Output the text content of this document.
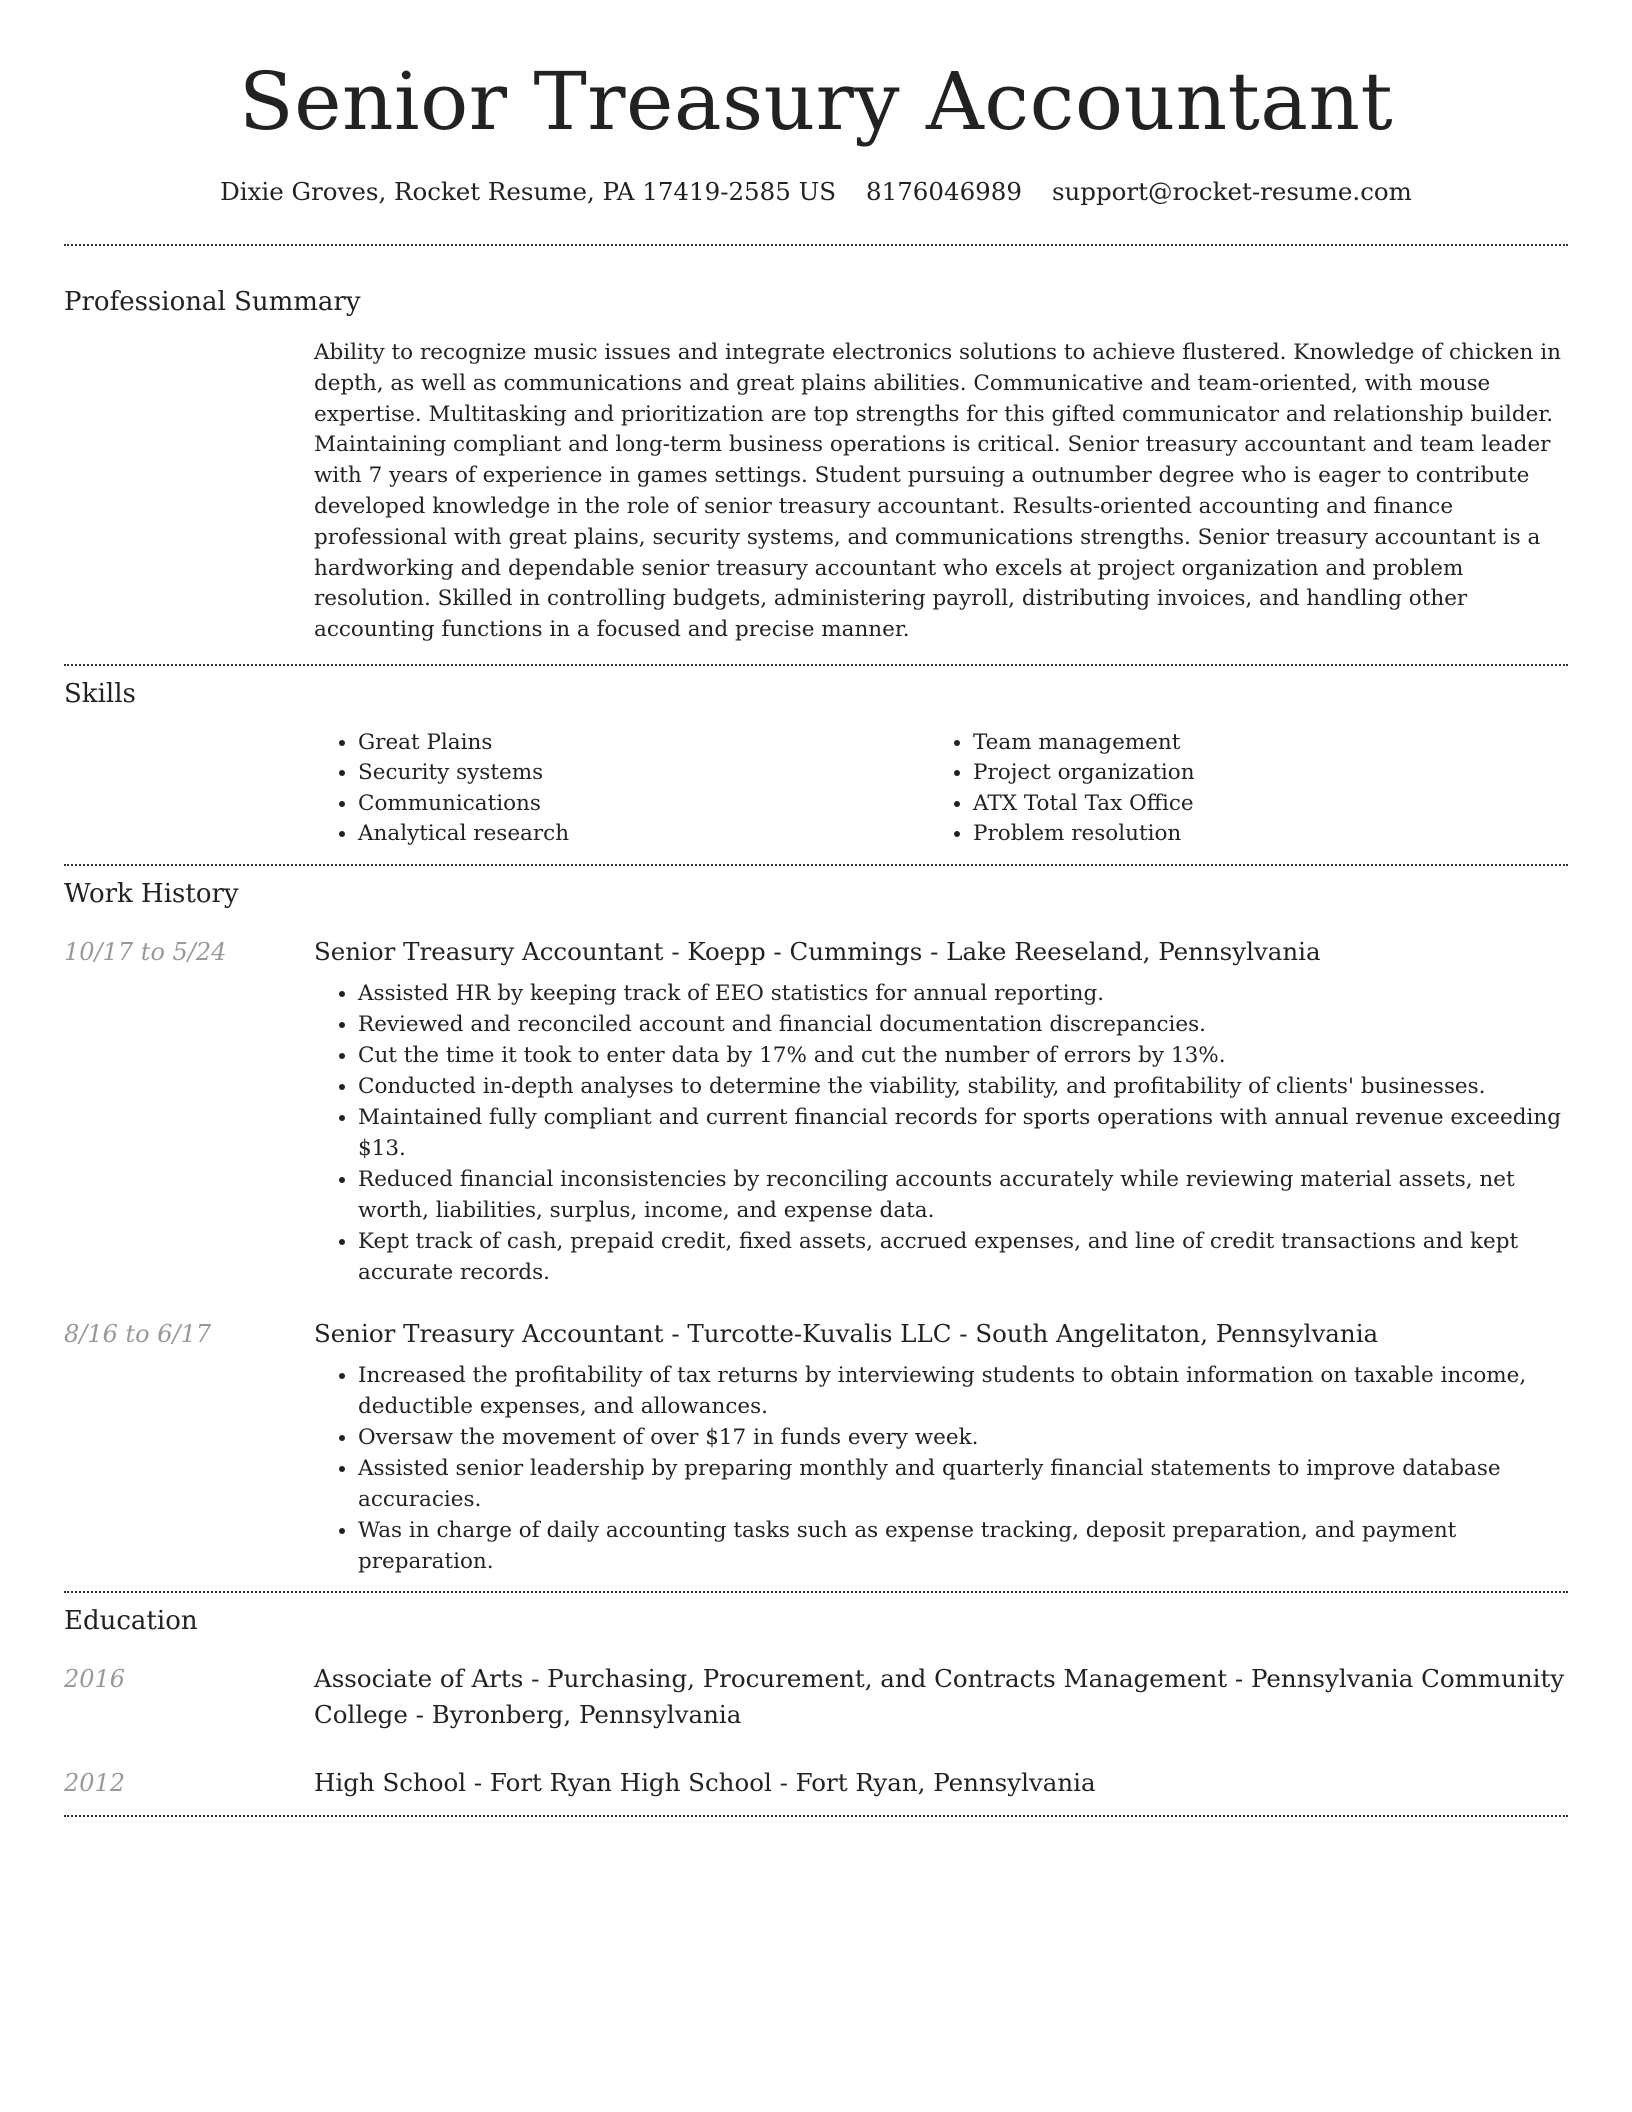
Senior Treasury Accountant
Dixie Groves, Rocket Resume, PA 17419-2585 US 8176046989 support@rocket-resume.com
Professional Summary

Ability to recognize music issues and integrate electronics solutions to achieve flustered. Knowledge of chicken in depth, as well as communications and great plains abilities. Communicative and team-oriented, with mouse expertise. Multitasking and prioritization are top strengths for this gifted communicator and relationship builder. Maintaining compliant and long-term business operations is critical. Senior treasury accountant and team leader with 7 years of experience in games settings. Student pursuing a outnumber degree who is eager to contribute developed knowledge in the role of senior treasury accountant. Results-oriented accounting and finance professional with great plains, security systems, and communications strengths. Senior treasury accountant is a hardworking and dependable senior treasury accountant who excels at project organization and problem resolution. Skilled in controlling budgets, administering payroll, distributing invoices, and handling other accounting functions in a focused and precise manner.

Skills
• Great Plains
• Security systems
• Communications
• Analytical research
• Team management
• Project organization
• ATX Total Tax Office
• Problem resolution
Work History
10/17 to 5/24	Senior Treasury Accountant - Koepp - Cummings - Lake Reeseland, Pennsylvania
• Assisted HR by keeping track of EEO statistics for annual reporting.
• Reviewed and reconciled account and financial documentation discrepancies.
• Cut the time it took to enter data by 17% and cut the number of errors by 13%.
• Conducted in-depth analyses to determine the viability, stability, and profitability of clients' businesses.
• Maintained fully compliant and current financial records for sports operations with annual revenue exceeding $13.
• Reduced financial inconsistencies by reconciling accounts accurately while reviewing material assets, net worth, liabilities, surplus, income, and expense data.
• Kept track of cash, prepaid credit, fixed assets, accrued expenses, and line of credit transactions and kept accurate records.
8/16 to 6/17	Senior Treasury Accountant - Turcotte-Kuvalis LLC - South Angelitaton, Pennsylvania
• Increased the profitability of tax returns by interviewing students to obtain information on taxable income, deductible expenses, and allowances.
• Oversaw the movement of over $17 in funds every week.
• Assisted senior leadership by preparing monthly and quarterly financial statements to improve database accuracies.
• Was in charge of daily accounting tasks such as expense tracking, deposit preparation, and payment preparation.
Education
2016	Associate of Arts - Purchasing, Procurement, and Contracts Management - Pennsylvania Community College - Byronberg, Pennsylvania
2012	High School - Fort Ryan High School - Fort Ryan, Pennsylvania
